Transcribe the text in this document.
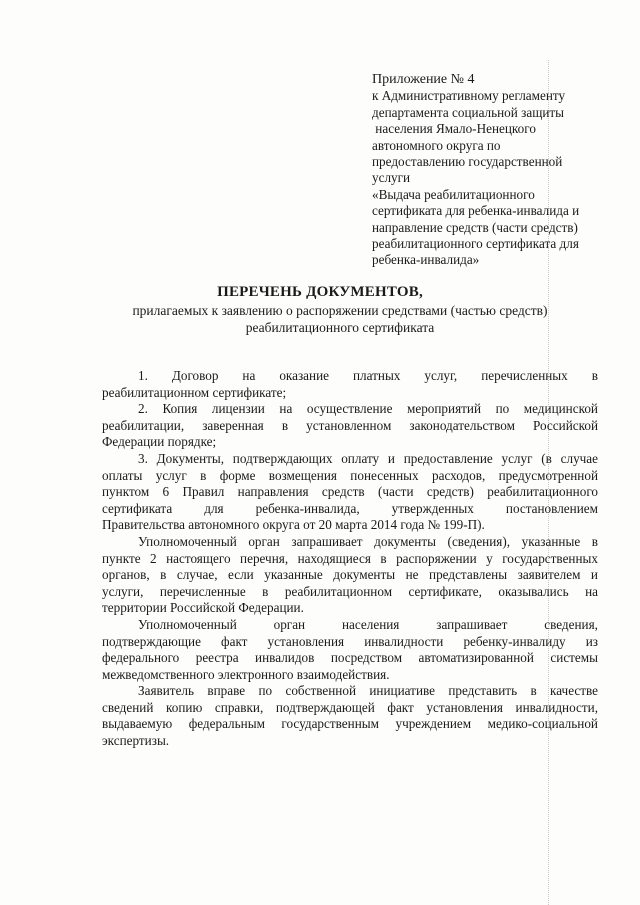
Приложение № 4
к Административному регламенту
департамента социальной защиты
населения Ямало-Ненецкого
автономного округа по
предоставлению государственной
услуги
«Выдача реабилитационного
сертификата для ребенка-инвалида и
направление средств (части средств)
реабилитационного сертификата для
ребенка-инвалида»
ПЕРЕЧЕНЬ ДОКУМЕНТОВ,
прилагаемых к заявлению о распоряжении средствами (частью средств)
реабилитационного сертификата
1. Договор на оказание платных услуг, перечисленных в
реабилитационном сертификате;
2. Копия лицензии на осуществление мероприятий по медицинской
реабилитации, заверенная в установленном законодательством Российской
Федерации порядке;
3. Документы, подтверждающих оплату и предоставление услуг (в случае
оплаты услуг в форме возмещения понесенных расходов, предусмотренной
пунктом 6 Правил направления средств (части средств) реабилитационного
сертификата для ребенка-инвалида, утвержденных постановлением
Правительства автономного округа от 20 марта 2014 года № 199-П).
Уполномоченный орган запрашивает документы (сведения), указанные в
пункте 2 настоящего перечня, находящиеся в распоряжении у государственных
органов, в случае, если указанные документы не представлены заявителем и
услуги, перечисленные в реабилитационном сертификате, оказывались на
территории Российской Федерации.
Уполномоченный	орган	населения	запрашивает	сведения,
подтверждающие факт установления инвалидности ребенку-инвалиду из
федерального реестра инвалидов посредством автоматизированной системы
межведомственного электронного взаимодействия.
Заявитель вправе по собственной инициативе представить в качестве
сведений копию справки, подтверждающей факт установления инвалидности,
выдаваемую федеральным государственным учреждением медико-социальной
экспертизы.
